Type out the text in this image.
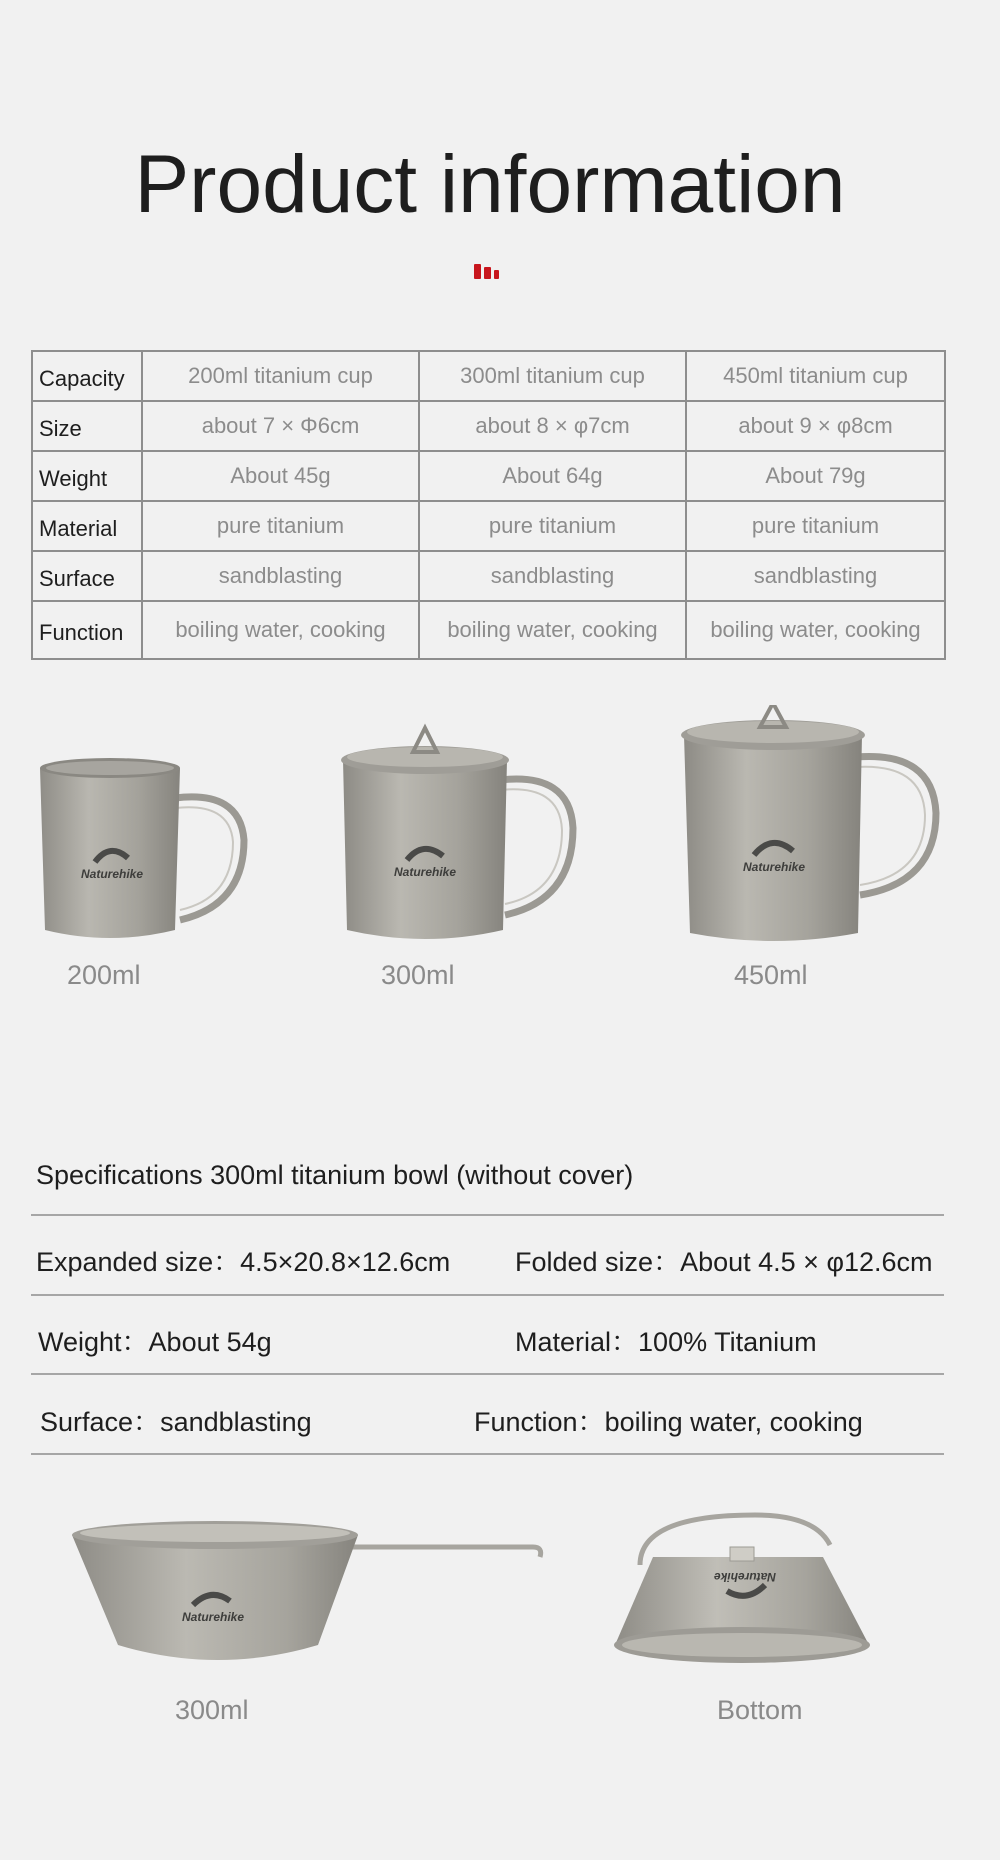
Product information
Capacity	200ml titanium cup	300ml titanium cup	450ml titanium cup
Size	about 7 × Φ6cm	about 8 × φ7cm	about 9 × φ8cm
Weight	About 45g	About 64g	About 79g
Material	pure titanium	pure titanium	pure titanium
Surface	sandblasting	sandblasting	sandblasting
Function	boiling water, cooking	boiling water, cooking	boiling water, cooking
Naturehike
200ml
Naturehike
300ml
Naturehike
450ml
Specifications 300ml titanium bowl (without cover)
Expanded size：4.5×20.8×12.6cm Folded size：About 4.5 × φ12.6cm
Weight：About 54g	Material：100% Titanium
Surface：sandblasting	Function：boiling water, cooking
Naturehike
300ml
Naturehike
Bottom
